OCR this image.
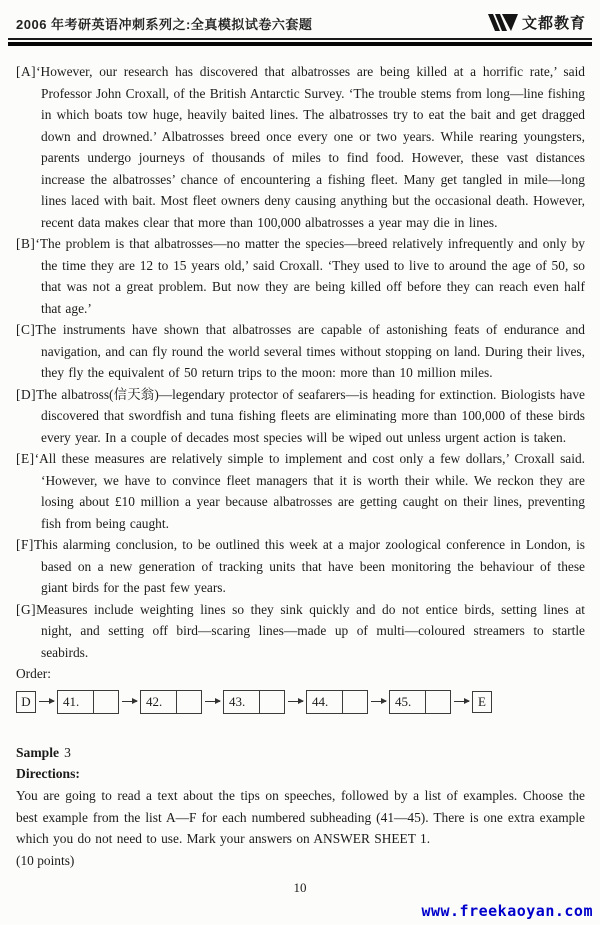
2006 年考研英语冲刺系列之:全真模拟试卷六套题	文都教育

[A]‘However, our research has discovered that albatrosses are being killed at a horrific rate,’ said Professor John Croxall, of the British Antarctic Survey. ‘The trouble stems from long—line fishing in which boats tow huge, heavily baited lines. The albatrosses try to eat the bait and get dragged down and drowned.’ Albatrosses breed once every one or two years. While rearing youngsters, parents undergo journeys of thousands of miles to find food. However, these vast distances increase the albatrosses’ chance of encountering a fishing fleet. Many get tangled in mile—long lines laced with bait. Most fleet owners deny causing anything but the occasional death. However, recent data makes clear that more than 100,000 albatrosses a year may die in lines.

[B]‘The problem is that albatrosses—no matter the species—breed relatively infrequently and only by the time they are 12 to 15 years old,’ said Croxall. ‘They used to live to around the age of 50, so that was not a great problem. But now they are being killed off before they can reach even half that age.’

[C]The instruments have shown that albatrosses are capable of astonishing feats of endurance and navigation, and can fly round the world several times without stopping on land. During their lives, they fly the equivalent of 50 return trips to the moon: more than 10 million miles.

[D]The albatross(信天翁)—legendary protector of seafarers—is heading for extinction. Biologists have discovered that swordfish and tuna fishing fleets are eliminating more than 100,000 of these birds every year. In a couple of decades most species will be wiped out unless urgent action is taken.

[E]‘All these measures are relatively simple to implement and cost only a few dollars,’ Croxall said. ‘However, we have to convince fleet managers that it is worth their while. We reckon they are losing about £10 million a year because albatrosses are getting caught on their lines, preventing fish from being caught.

[F]This alarming conclusion, to be outlined this week at a major zoological conference in London, is based on a new generation of tracking units that have been monitoring the behaviour of these giant birds for the past few years.

[G]Measures include weighting lines so they sink quickly and do not entice birds, setting lines at night, and setting off bird—scaring lines—made up of multi—coloured streamers to startle seabirds.

Order:

D	41.	42.	43.	44.	45.	E

Sample 3

Directions:

You are going to read a text about the tips on speeches, followed by a list of examples. Choose the best example from the list A—F for each numbered subheading (41—45). There is one extra example which you do not need to use. Mark your answers on ANSWER SHEET 1.

(10 points)

10
www.freekaoyan.com
